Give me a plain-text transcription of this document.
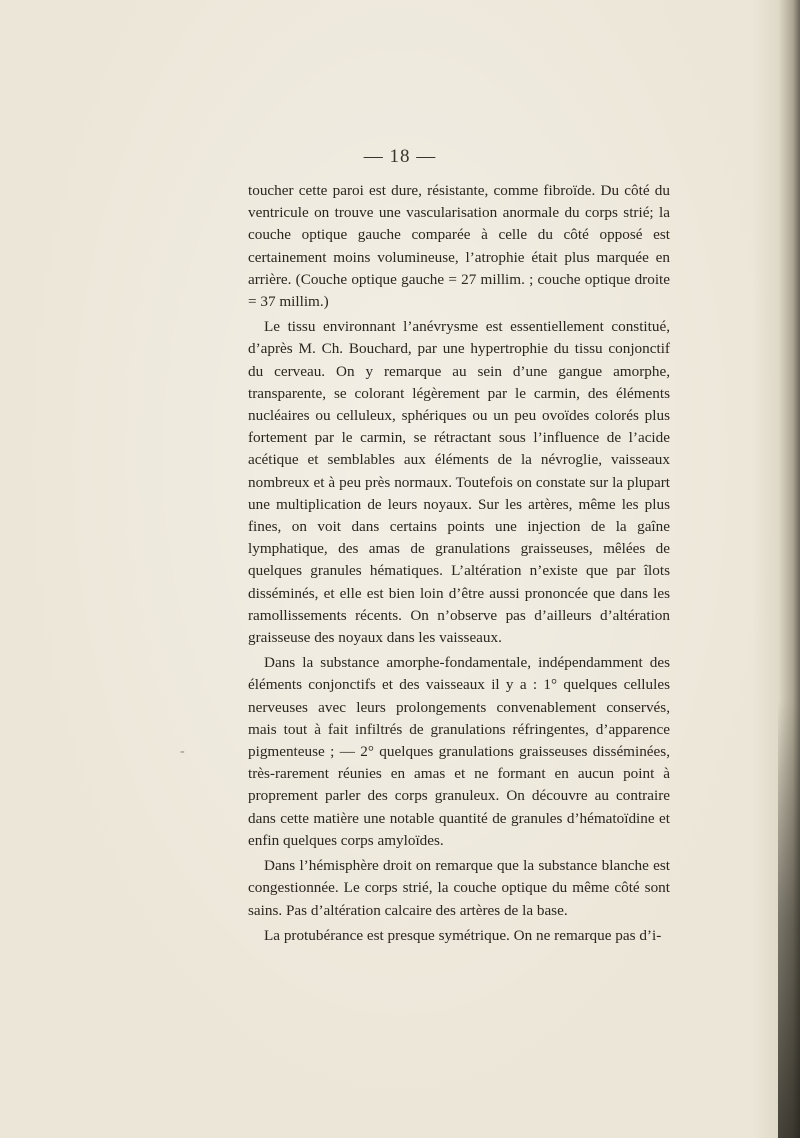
— 18 —

toucher cette paroi est dure, résistante, comme fibroïde. Du côté du ventricule on trouve une vascularisation anormale du corps strié; la couche optique gauche comparée à celle du côté opposé est certainement moins volumineuse, l’atrophie était plus marquée en arrière. (Couche optique gauche = 27 millim. ; couche optique droite = 37 millim.)

Le tissu environnant l’anévrysme est essentiellement constitué, d’après M. Ch. Bouchard, par une hypertrophie du tissu conjonctif du cerveau. On y remarque au sein d’une gangue amorphe, transparente, se colorant légèrement par le carmin, des éléments nucléaires ou celluleux, sphériques ou un peu ovoïdes colorés plus fortement par le carmin, se rétractant sous l’influence de l’acide acétique et semblables aux éléments de la névroglie, vaisseaux nombreux et à peu près normaux. Toutefois on constate sur la plupart une multiplication de leurs noyaux. Sur les artères, même les plus fines, on voit dans certains points une injection de la gaîne lymphatique, des amas de granulations graisseuses, mêlées de quelques granules hématiques. L’altération n’existe que par îlots disséminés, et elle est bien loin d’être aussi prononcée que dans les ramollissements récents. On n’observe pas d’ailleurs d’altération graisseuse des noyaux dans les vaisseaux.

Dans la substance amorphe-fondamentale, indépendamment des éléments conjonctifs et des vaisseaux il y a : 1° quelques cellules nerveuses avec leurs prolongements convenablement conservés, mais tout à fait infiltrés de granulations réfringentes, d’apparence pigmenteuse ; — 2° quelques granulations graisseuses disséminées, très-rarement réunies en amas et ne formant en aucun point à proprement parler des corps granuleux. On découvre au contraire dans cette matière une notable quantité de granules d’hématoïdine et enfin quelques corps amyloïdes.

Dans l’hémisphère droit on remarque que la substance blanche est congestionnée. Le corps strié, la couche optique du même côté sont sains. Pas d’altération calcaire des artères de la base.

La protubérance est presque symétrique. On ne remarque pas d’i-

-
